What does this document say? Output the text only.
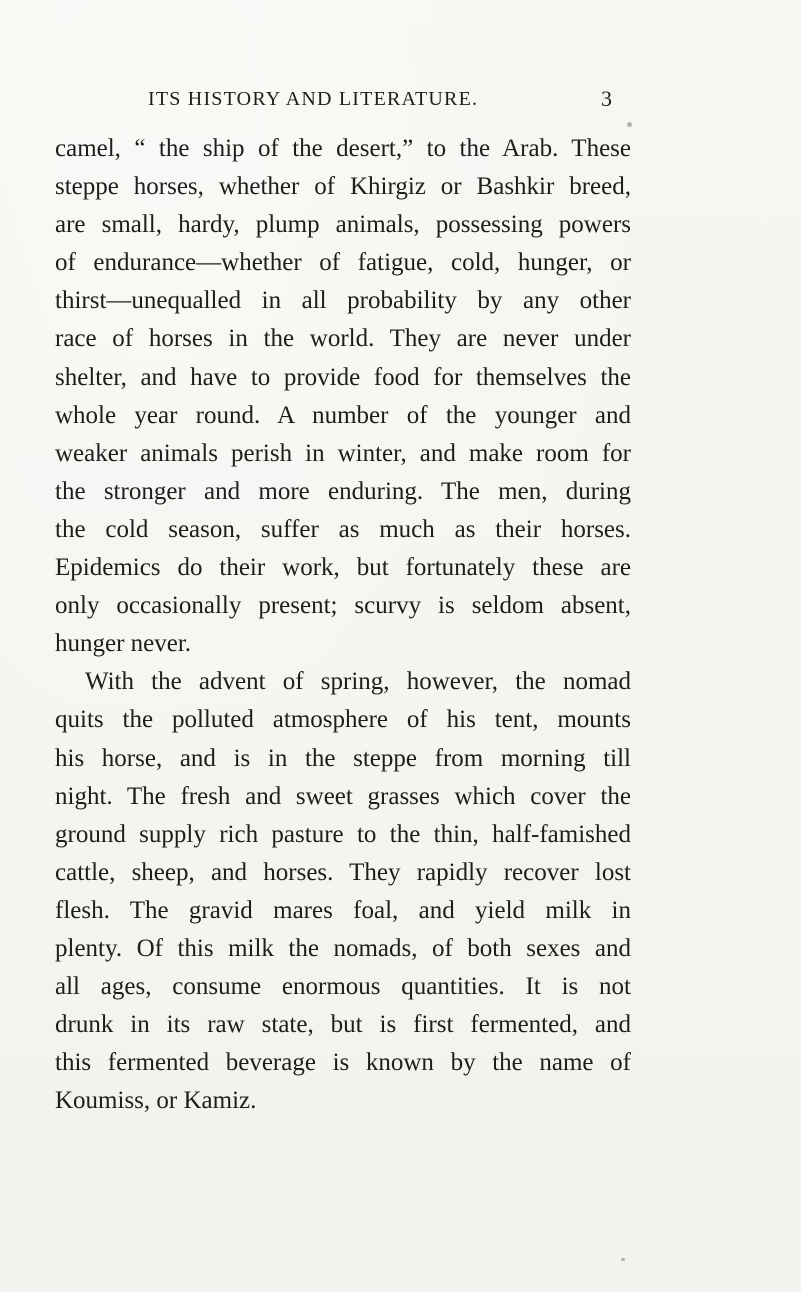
ITS HISTORY AND LITERATURE.	3
camel, “ the ship of the desert,” to the Arab. These
steppe horses, whether of Khirgiz or Bashkir breed,
are small, hardy, plump animals, possessing powers
of endurance—whether of fatigue, cold, hunger, or
thirst—unequalled in all probability by any other
race of horses in the world. They are never under
shelter, and have to provide food for themselves the
whole year round. A number of the younger and
weaker animals perish in winter, and make room for
the stronger and more enduring. The men, during
the cold season, suffer as much as their horses.
Epidemics do their work, but fortunately these are
only occasionally present; scurvy is seldom absent,
hunger never.
With the advent of spring, however, the nomad
quits the polluted atmosphere of his tent, mounts
his horse, and is in the steppe from morning till
night. The fresh and sweet grasses which cover the
ground supply rich pasture to the thin, half-famished
cattle, sheep, and horses. They rapidly recover lost
flesh. The gravid mares foal, and yield milk in
plenty. Of this milk the nomads, of both sexes and
all ages, consume enormous quantities. It is not
drunk in its raw state, but is first fermented, and
this fermented beverage is known by the name of
Koumiss, or Kamiz.
